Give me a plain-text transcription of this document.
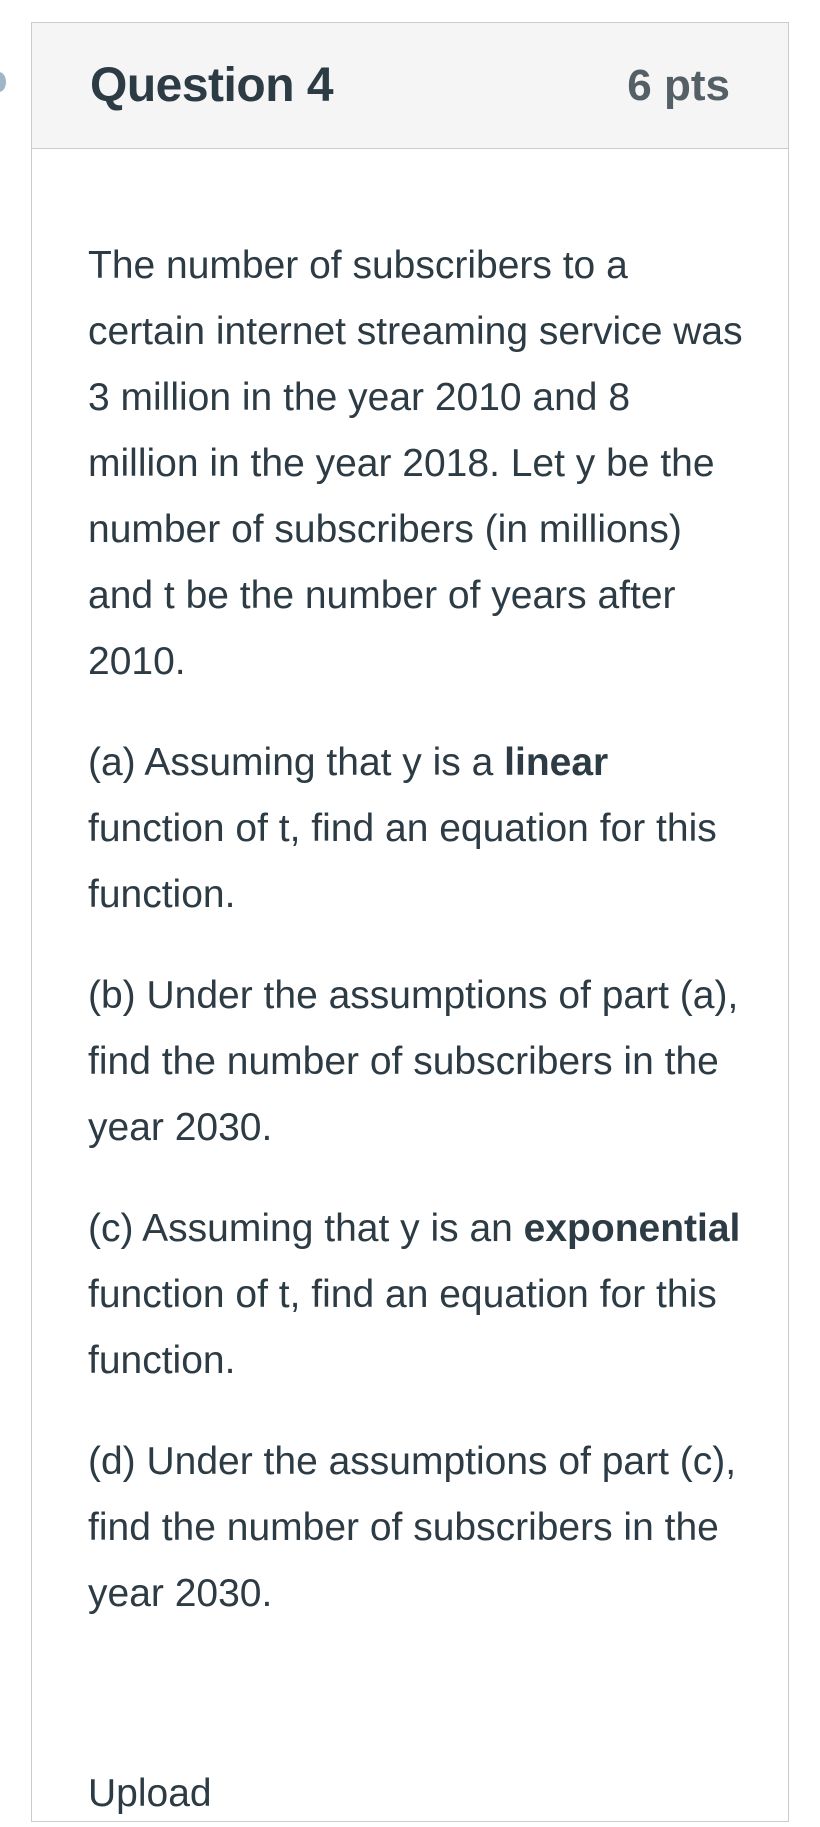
Question 4	6 pts

The number of subscribers to a certain internet streaming service was 3 million in the year 2010 and 8 million in the year 2018. Let y be the number of subscribers (in millions) and t be the number of years after 2010.

(a) Assuming that y is a linear function of t, find an equation for this function.

(b) Under the assumptions of part (a), find the number of subscribers in the year 2030.

(c) Assuming that y is an exponential function of t, find an equation for this function.

(d) Under the assumptions of part (c), find the number of subscribers in the year 2030.

Upload
